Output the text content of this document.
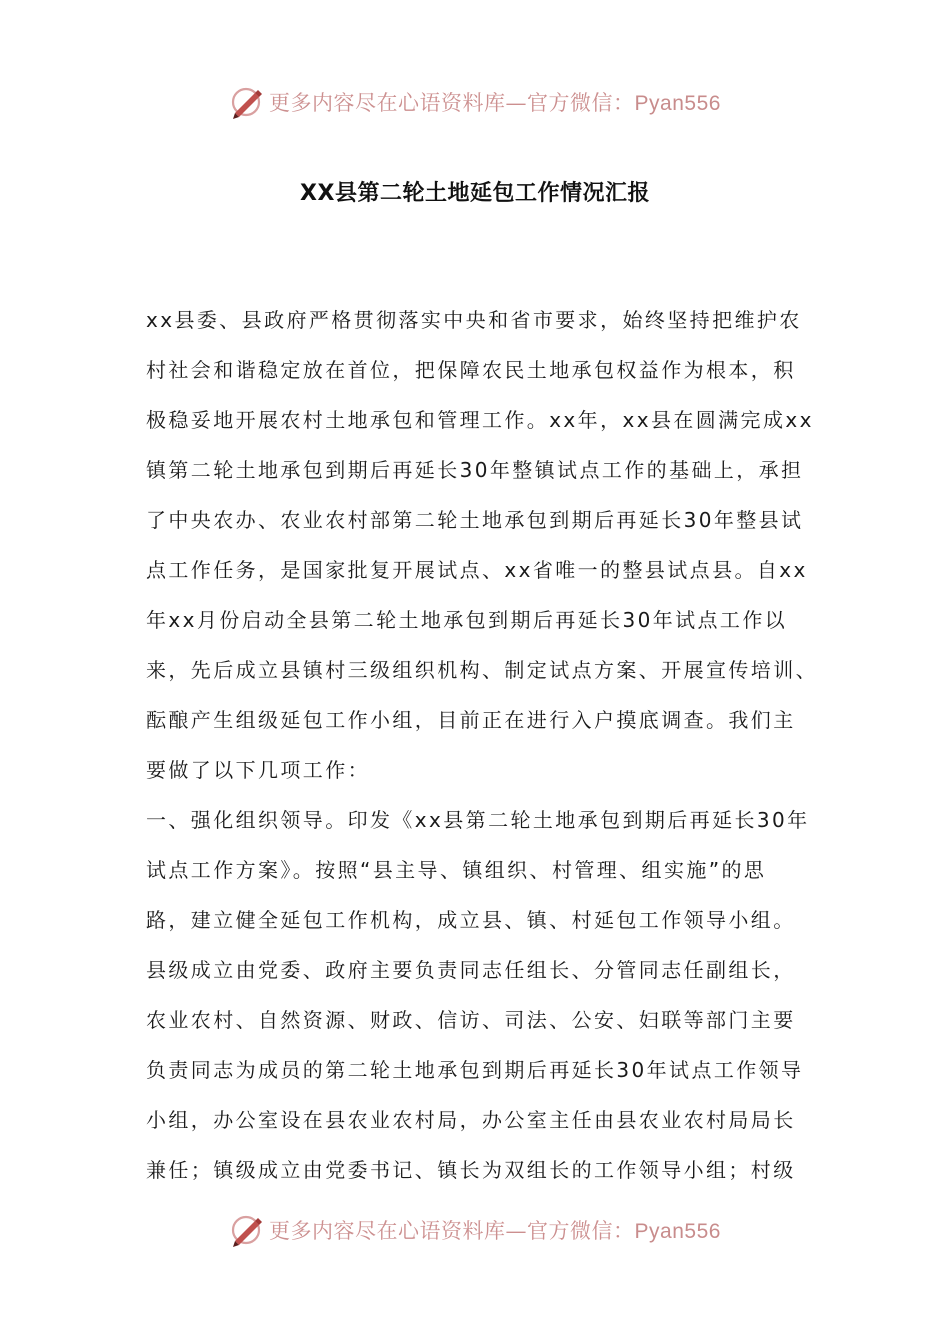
更多内容尽在心语资料库—官方微信：Pyan556
XX县第二轮土地延包工作情况汇报
xx县委、县政府严格贯彻落实中央和省市要求，始终坚持把维护农
村社会和谐稳定放在首位，把保障农民土地承包权益作为根本，积
极稳妥地开展农村土地承包和管理工作。xx年，xx县在圆满完成xx
镇第二轮土地承包到期后再延长30年整镇试点工作的基础上，承担
了中央农办、农业农村部第二轮土地承包到期后再延长30年整县试
点工作任务，是国家批复开展试点、xx省唯一的整县试点县。自xx
年xx月份启动全县第二轮土地承包到期后再延长30年试点工作以
来，先后成立县镇村三级组织机构、制定试点方案、开展宣传培训、
酝酿产生组级延包工作小组，目前正在进行入户摸底调查。我们主
要做了以下几项工作：
一、强化组织领导。印发《xx县第二轮土地承包到期后再延长30年
试点工作方案》。按照“县主导、镇组织、村管理、组实施”的思
路，建立健全延包工作机构，成立县、镇、村延包工作领导小组。
县级成立由党委、政府主要负责同志任组长、分管同志任副组长，
农业农村、自然资源、财政、信访、司法、公安、妇联等部门主要
负责同志为成员的第二轮土地承包到期后再延长30年试点工作领导
小组，办公室设在县农业农村局，办公室主任由县农业农村局局长
兼任；镇级成立由党委书记、镇长为双组长的工作领导小组；村级
更多内容尽在心语资料库—官方微信：Pyan556
